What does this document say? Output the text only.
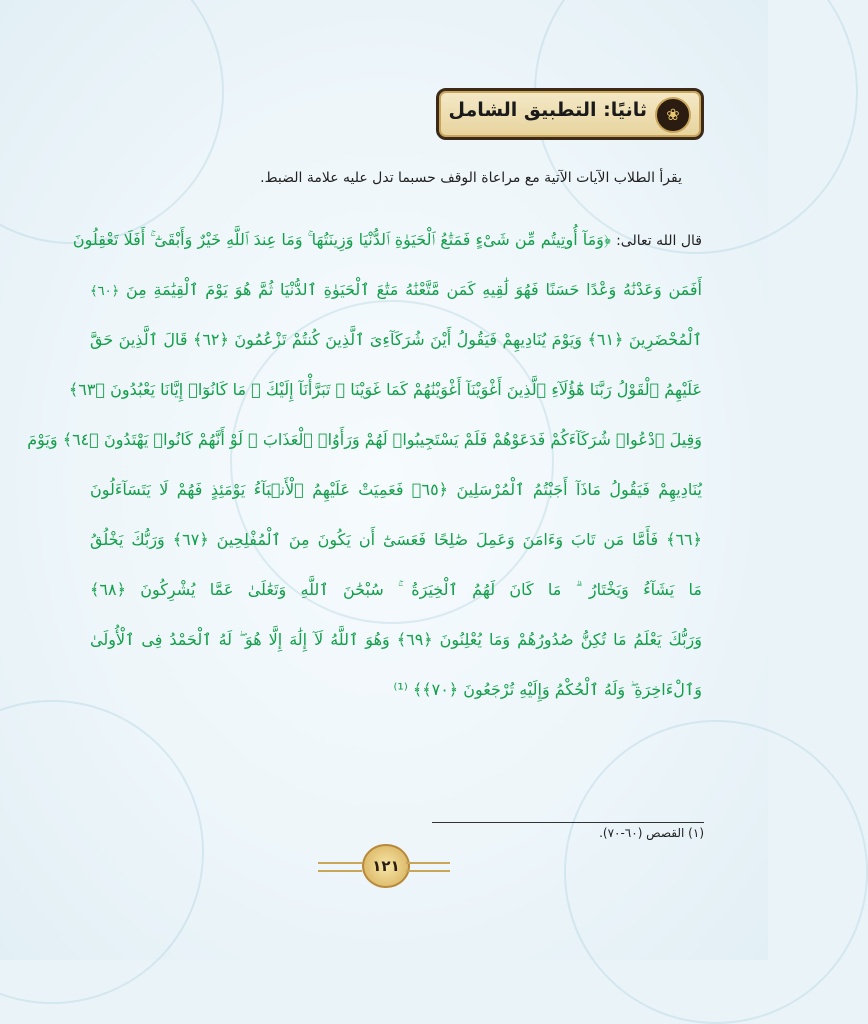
❀
ثانيًا: التطبيق الشامل
يقرأ الطلاب الآيات الآتية مع مراعاة الوقف حسبما تدل عليه علامة الضبط.
قال الله تعالى: ﴿وَمَآ أُوتِيتُم مِّن شَىْءٍ فَمَتَٰعُ ٱلْحَيَوٰةِ ٱلدُّنْيَا وَزِينَتُهَا ۚ وَمَا عِندَ ٱللَّهِ خَيْرٌ وَأَبْقَىٰٓ ۚ أَفَلَا تَعْقِلُونَ
أَفَمَن وَعَدْنَٰهُ وَعْدًا حَسَنًا فَهُوَ لَٰقِيهِ كَمَن مَّتَّعْنَٰهُ مَتَٰعَ ٱلْحَيَوٰةِ ٱلدُّنْيَا ثُمَّ هُوَ يَوْمَ ٱلْقِيَٰمَةِ مِنَ ﴿٦٠﴾
ٱلْمُحْضَرِينَ ﴿٦١﴾ وَيَوْمَ يُنَادِيهِمْ فَيَقُولُ أَيْنَ شُرَكَآءِىَ ٱلَّذِينَ كُنتُمْ تَزْعُمُونَ ﴿٦٢﴾ قَالَ ٱلَّذِينَ حَقَّ
عَلَيْهِمُ ٱلْقَوْلُ رَبَّنَا هَٰٓؤُلَآءِ ٱلَّذِينَ أَغْوَيْنَآ أَغْوَيْنَٰهُمْ كَمَا غَوَيْنَا ۖ تَبَرَّأْنَآ إِلَيْكَ ۖ مَا كَانُوٓا۟ إِيَّانَا يَعْبُدُونَ ﴿٦٣﴾
وَقِيلَ ٱدْعُوا۟ شُرَكَآءَكُمْ فَدَعَوْهُمْ فَلَمْ يَسْتَجِيبُوا۟ لَهُمْ وَرَأَوُا۟ ٱلْعَذَابَ ۚ لَوْ أَنَّهُمْ كَانُوا۟ يَهْتَدُونَ ﴿٦٤﴾ وَيَوْمَ
يُنَادِيهِمْ فَيَقُولُ مَاذَآ أَجَبْتُمُ ٱلْمُرْسَلِينَ ﴿٦٥﴾ فَعَمِيَتْ عَلَيْهِمُ ٱلْأَنۢبَآءُ يَوْمَئِذٍ فَهُمْ لَا يَتَسَآءَلُونَ
﴿٦٦﴾ فَأَمَّا مَن تَابَ وَءَامَنَ وَعَمِلَ صَٰلِحًا فَعَسَىٰٓ أَن يَكُونَ مِنَ ٱلْمُفْلِحِينَ ﴿٦٧﴾ وَرَبُّكَ يَخْلُقُ
مَا يَشَآءُ وَيَخْتَارُ ۗ مَا كَانَ لَهُمُ ٱلْخِيَرَةُ ۚ سُبْحَٰنَ ٱللَّهِ وَتَعَٰلَىٰ عَمَّا يُشْرِكُونَ ﴿٦٨﴾
وَرَبُّكَ يَعْلَمُ مَا تُكِنُّ صُدُورُهُمْ وَمَا يُعْلِنُونَ ﴿٦٩﴾ وَهُوَ ٱللَّهُ لَآ إِلَٰهَ إِلَّا هُوَ ۖ لَهُ ٱلْحَمْدُ فِى ٱلْأُولَىٰ
وَٱلْءَاخِرَةِ ۖ وَلَهُ ٱلْحُكْمُ وَإِلَيْهِ تُرْجَعُونَ ﴿٧٠﴾﴾ ⁽¹⁾
(١) القصص (٦٠-٧٠).
١٢١
